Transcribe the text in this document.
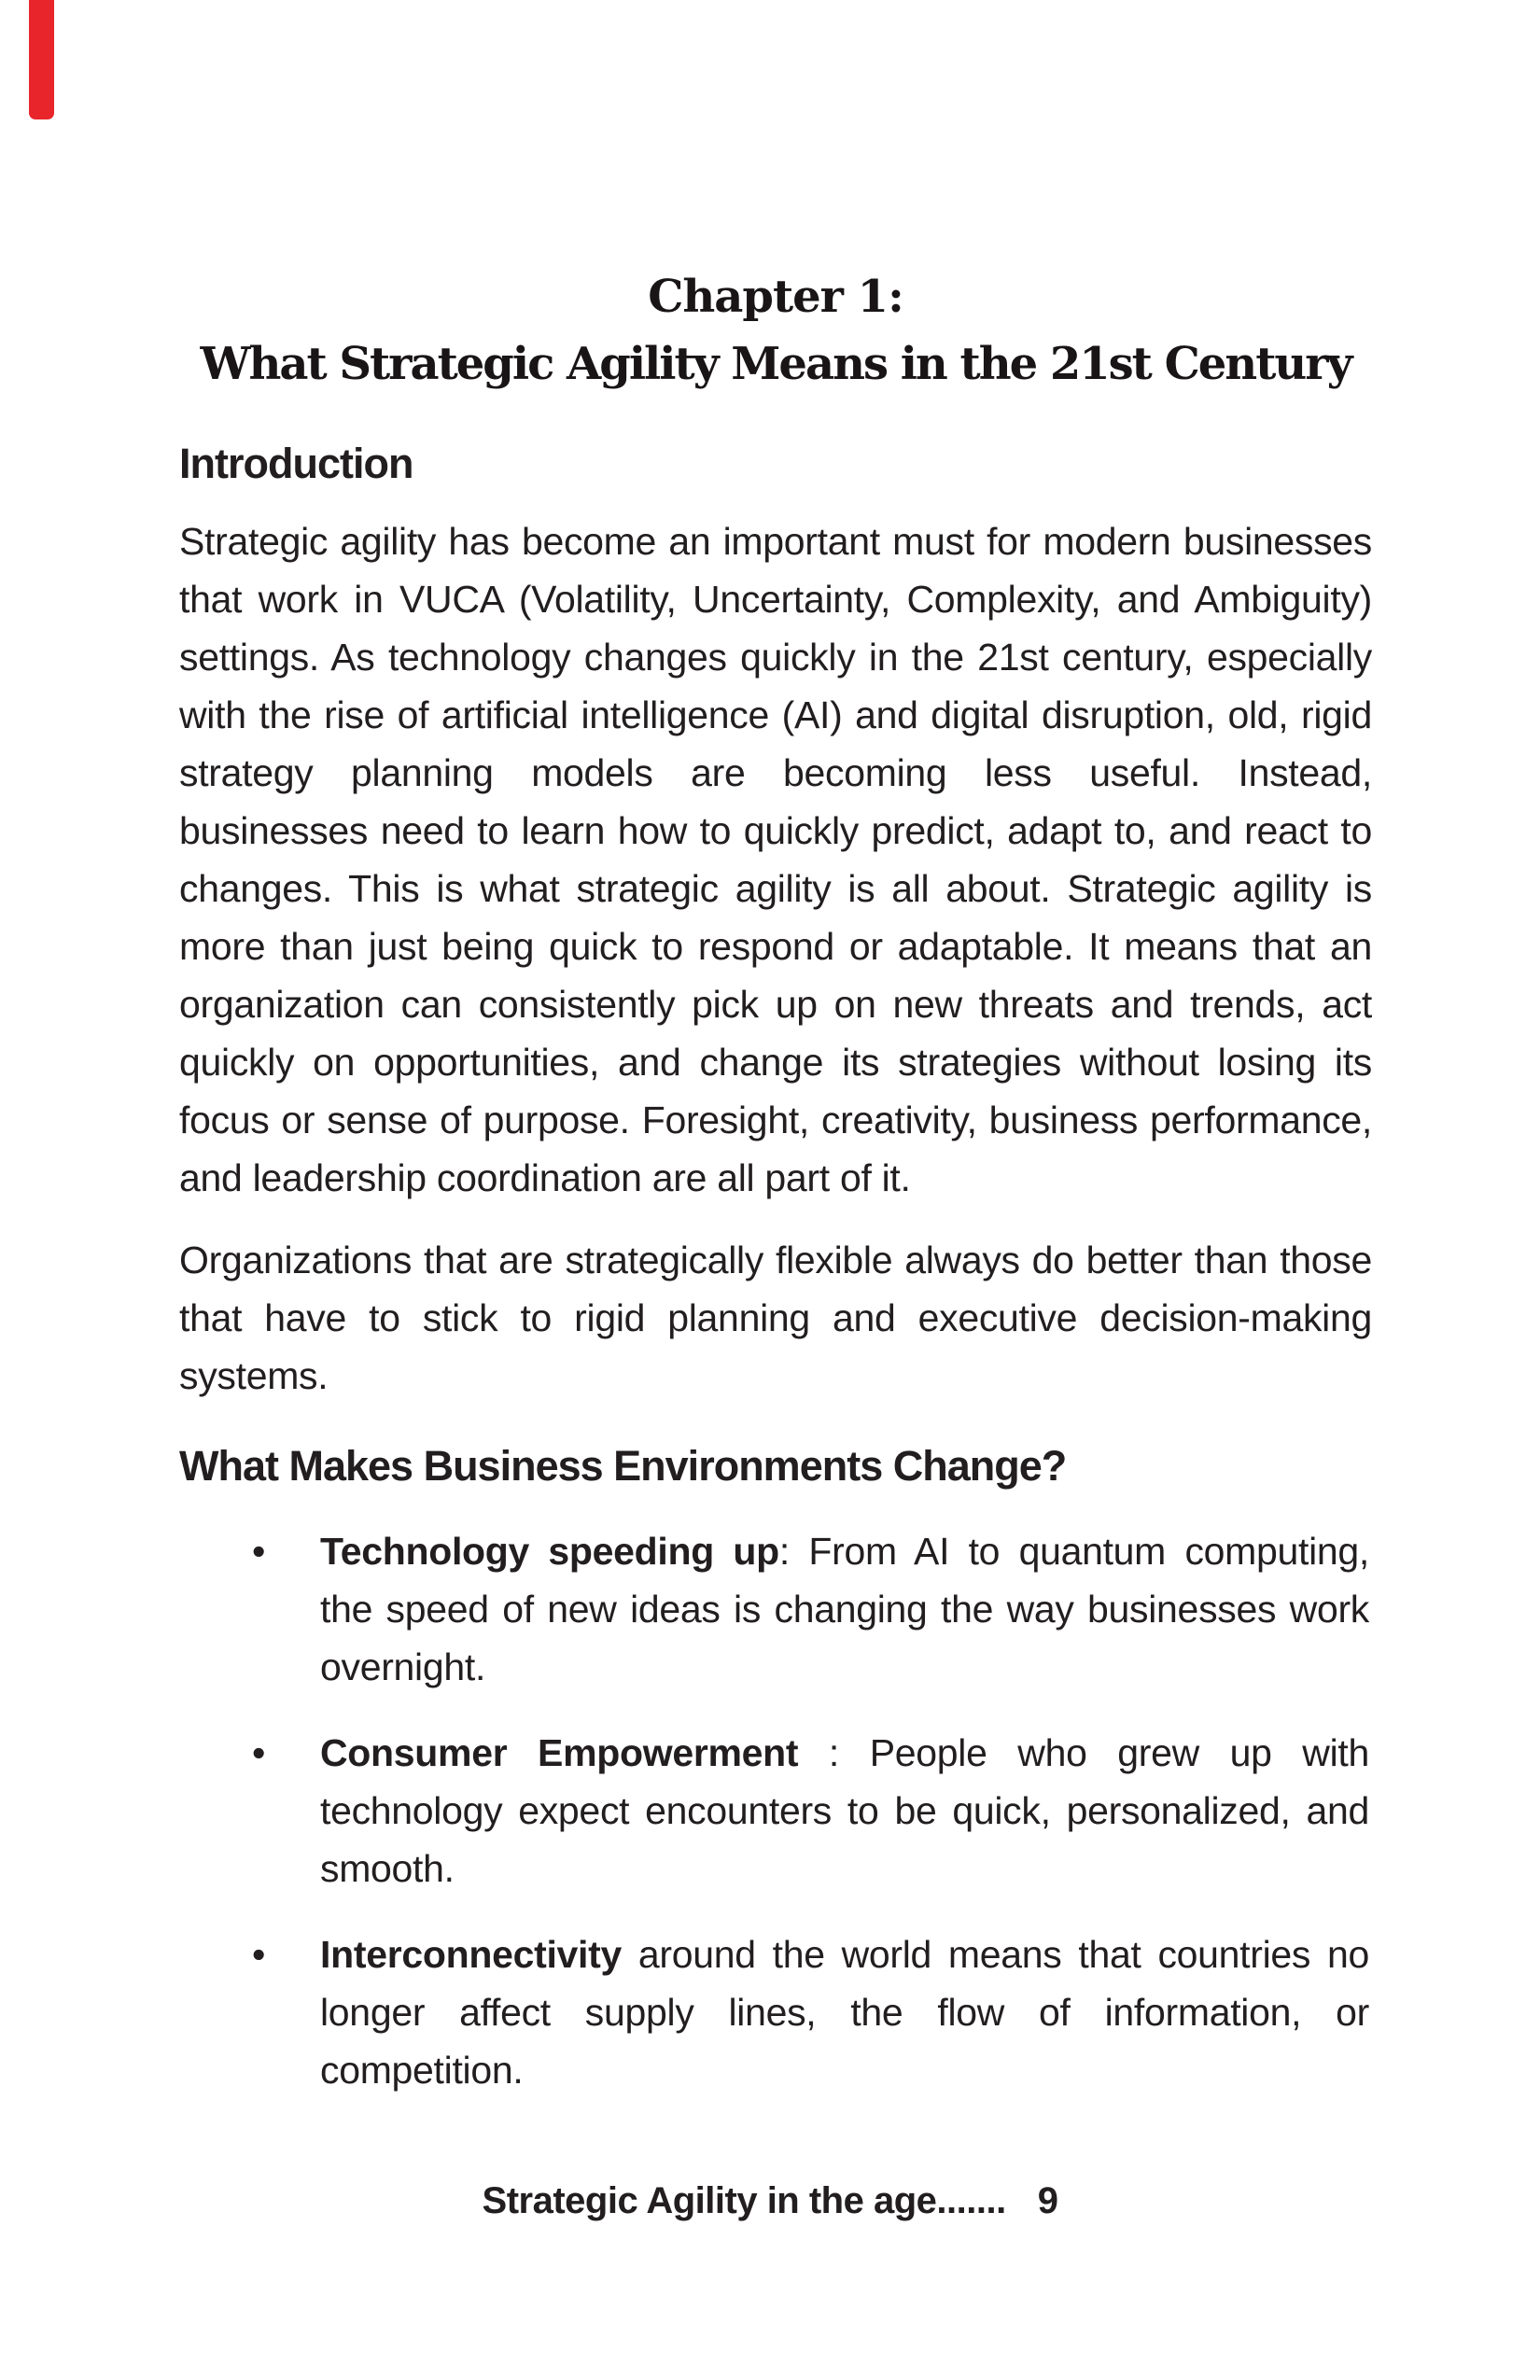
Chapter 1:
What Strategic Agility Means in the 21st Century
Introduction
Strategic agility has become an important must for modern businesses that work in VUCA (Volatility, Uncertainty, Complexity, and Ambiguity) settings. As technology changes quickly in the 21st century, especially with the rise of artificial intelligence (AI) and digital disruption, old, rigid strategy planning models are becoming less useful. Instead, businesses need to learn how to quickly predict, adapt to, and react to changes. This is what strategic agility is all about. Strategic agility is more than just being quick to respond or adaptable. It means that an organization can consistently pick up on new threats and trends, act quickly on opportunities, and change its strategies without losing its focus or sense of purpose. Foresight, creativity, business performance, and leadership coordination are all part of it.
Organizations that are strategically flexible always do better than those that have to stick to rigid planning and executive decision-making systems.
What Makes Business Environments Change?
•	Technology speeding up: From AI to quantum computing, the speed of new ideas is changing the way businesses work overnight.
•	Consumer Empowerment : People who grew up with technology expect encounters to be quick, personalized, and smooth.
•	Interconnectivity around the world means that countries no longer affect supply lines, the flow of information, or competition.
Strategic Agility in the age....... 9
